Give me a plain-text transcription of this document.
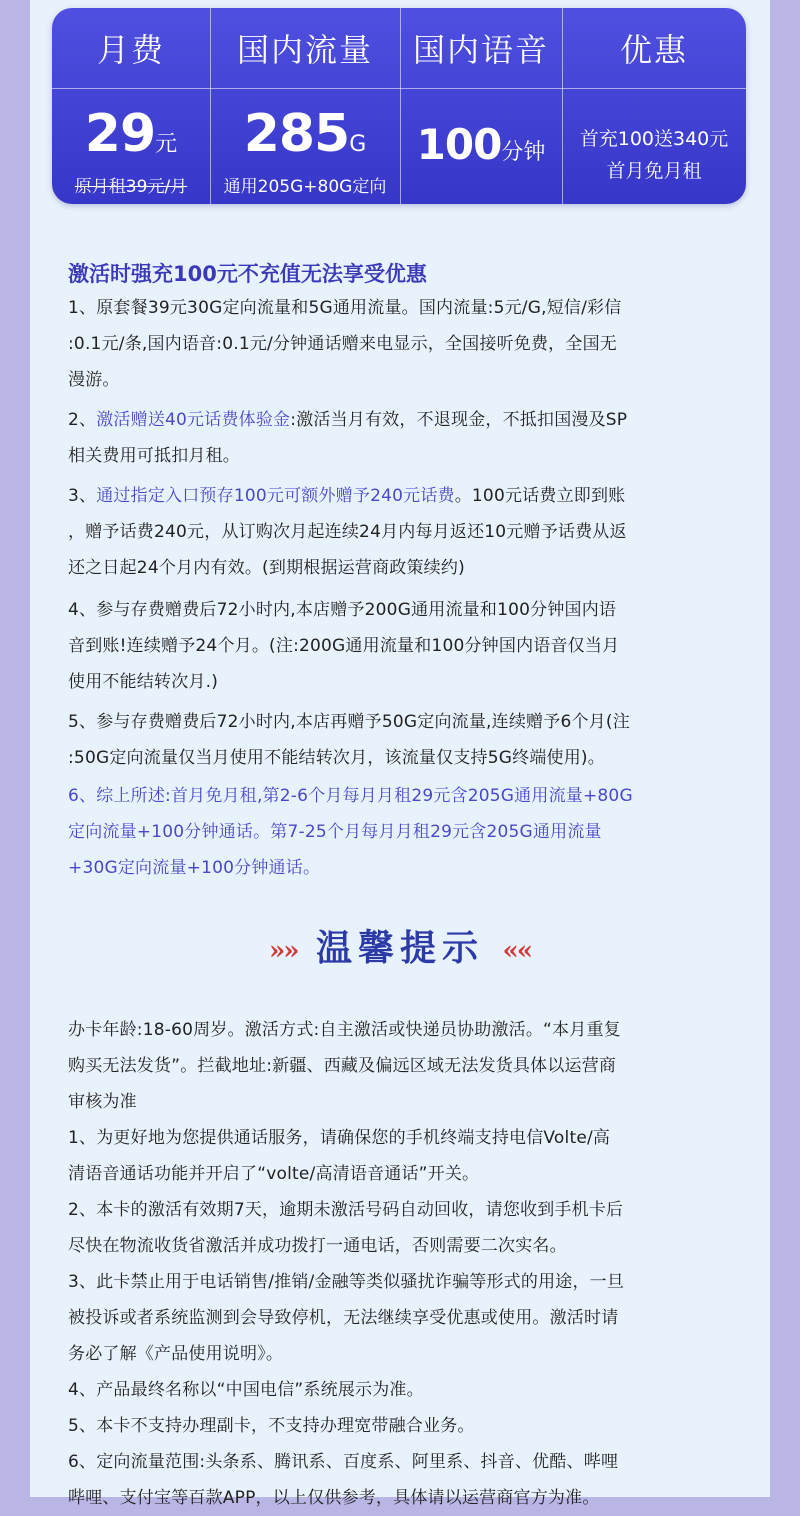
月费
29元
原月租39元/月
国内流量
285G
通用205G+80G定向
国内语音
100分钟
优惠
首充100送340元
首月免月租
激活时强充100元不充值无法享受优惠
1、原套餐39元30G定向流量和5G通用流量。国内流量:5元/G,短信/彩信
:0.1元/条,国内语音:0.1元/分钟通话赠来电显示，全国接听免费，全国无
漫游。
2、激活赠送40元话费体验金:激活当月有效，不退现金，不抵扣国漫及SP
相关费用可抵扣月租。
3、通过指定入口预存100元可额外赠予240元话费。100元话费立即到账
，赠予话费240元，从订购次月起连续24月内每月返还10元赠予话费从返
还之日起24个月内有效。(到期根据运营商政策续约)
4、参与存费赠费后72小时内,本店赠予200G通用流量和100分钟国内语
音到账!连续赠予24个月。(注:200G通用流量和100分钟国内语音仅当月
使用不能结转次月.)
5、参与存费赠费后72小时内,本店再赠予50G定向流量,连续赠予6个月(注
:50G定向流量仅当月使用不能结转次月，该流量仅支持5G终端使用)。
6、综上所述:首月免月租,第2-6个月每月月租29元含205G通用流量+80G
定向流量+100分钟通话。第7-25个月每月月租29元含205G通用流量
+30G定向流量+100分钟通话。
»» 温馨提示 ««
办卡年龄:18-60周岁。激活方式:自主激活或快递员协助激活。“本月重复
购买无法发货”。拦截地址:新疆、西藏及偏远区域无法发货具体以运营商
审核为准
1、为更好地为您提供通话服务，请确保您的手机终端支持电信Volte/高
清语音通话功能并开启了“volte/高清语音通话”开关。
2、本卡的激活有效期7天，逾期未激活号码自动回收，请您收到手机卡后
尽快在物流收货省激活并成功拨打一通电话，否则需要二次实名。
3、此卡禁止用于电话销售/推销/金融等类似骚扰诈骗等形式的用途，一旦
被投诉或者系统监测到会导致停机，无法继续享受优惠或使用。激活时请
务必了解《产品使用说明》。
4、产品最终名称以“中国电信”系统展示为准。
5、本卡不支持办理副卡，不支持办理宽带融合业务。
6、定向流量范围:头条系、腾讯系、百度系、阿里系、抖音、优酷、哔哩
哔哩、支付宝等百款APP，以上仅供参考，具体请以运营商官方为准。
